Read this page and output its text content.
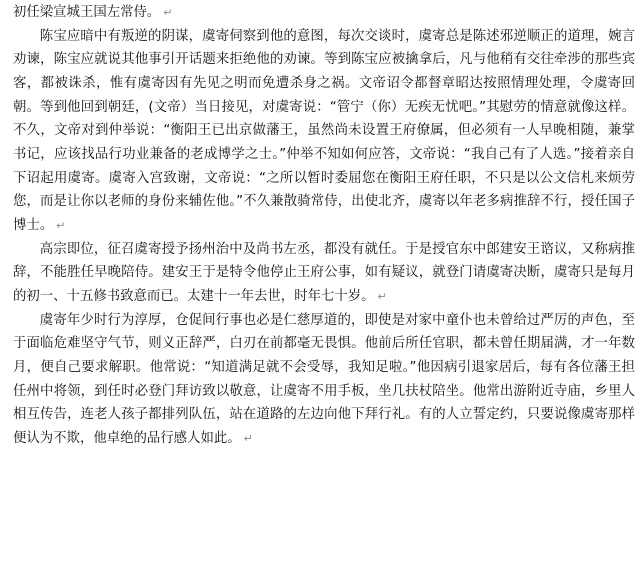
初任梁宣城王国左常侍。 ↵

陈宝应暗中有叛逆的阴谋，虞寄伺察到他的意图，每次交谈时，虞寄总是陈述邪逆顺正的道理，婉言劝谏，陈宝应就说其他事引开话题来拒绝他的劝谏。等到陈宝应被擒拿后，凡与他稍有交往牵涉的那些宾客，都被诛杀，惟有虞寄因有先见之明而免遭杀身之祸。文帝诏令都督章昭达按照情理处理，令虞寄回朝。等到他回到朝廷，(文帝）当日接见，对虞寄说：“管宁（你）无疾无忧吧。”其慰劳的情意就像这样。不久，文帝对到仲举说：“衡阳王已出京做藩王，虽然尚未设置王府僚属，但必须有一人早晚相随，兼掌书记，应该找品行功业兼备的老成博学之士。”仲举不知如何应答，文帝说：“我自己有了人选。”接着亲自下诏起用虞寄。虞寄入宫致谢，文帝说：“之所以暂时委屈您在衡阳王府任职，不只是以公文信札来烦劳您，而是让你以老师的身份来辅佐他。”不久兼散骑常侍，出使北齐，虞寄以年老多病推辞不行，授任国子博士。 ↵

高宗即位，征召虞寄授予扬州治中及尚书左丞，都没有就任。于是授官东中郎建安王谘议，又称病推辞，不能胜任早晚陪侍。建安王于是特令他停止王府公事，如有疑议，就登门请虞寄决断，虞寄只是每月的初一、十五修书致意而已。太建十一年去世，时年七十岁。 ↵

虞寄年少时行为淳厚，仓促间行事也必是仁慈厚道的，即使是对家中童仆也未曾给过严厉的声色，至于面临危难坚守气节，则义正辞严，白刃在前都毫无畏惧。他前后所任官职，都未曾任期届满，才一年数月，便自己要求解职。他常说：“知道满足就不会受辱，我知足啦。”他因病引退家居后，每有各位藩王担任州中将领，到任时必登门拜访致以敬意，让虞寄不用手板，坐几扶杖陪坐。他常出游附近寺庙，乡里人相互传告，连老人孩子都排列队伍，站在道路的左边向他下拜行礼。有的人立誓定约，只要说像虞寄那样便认为不欺，他卓绝的品行感人如此。 ↵
